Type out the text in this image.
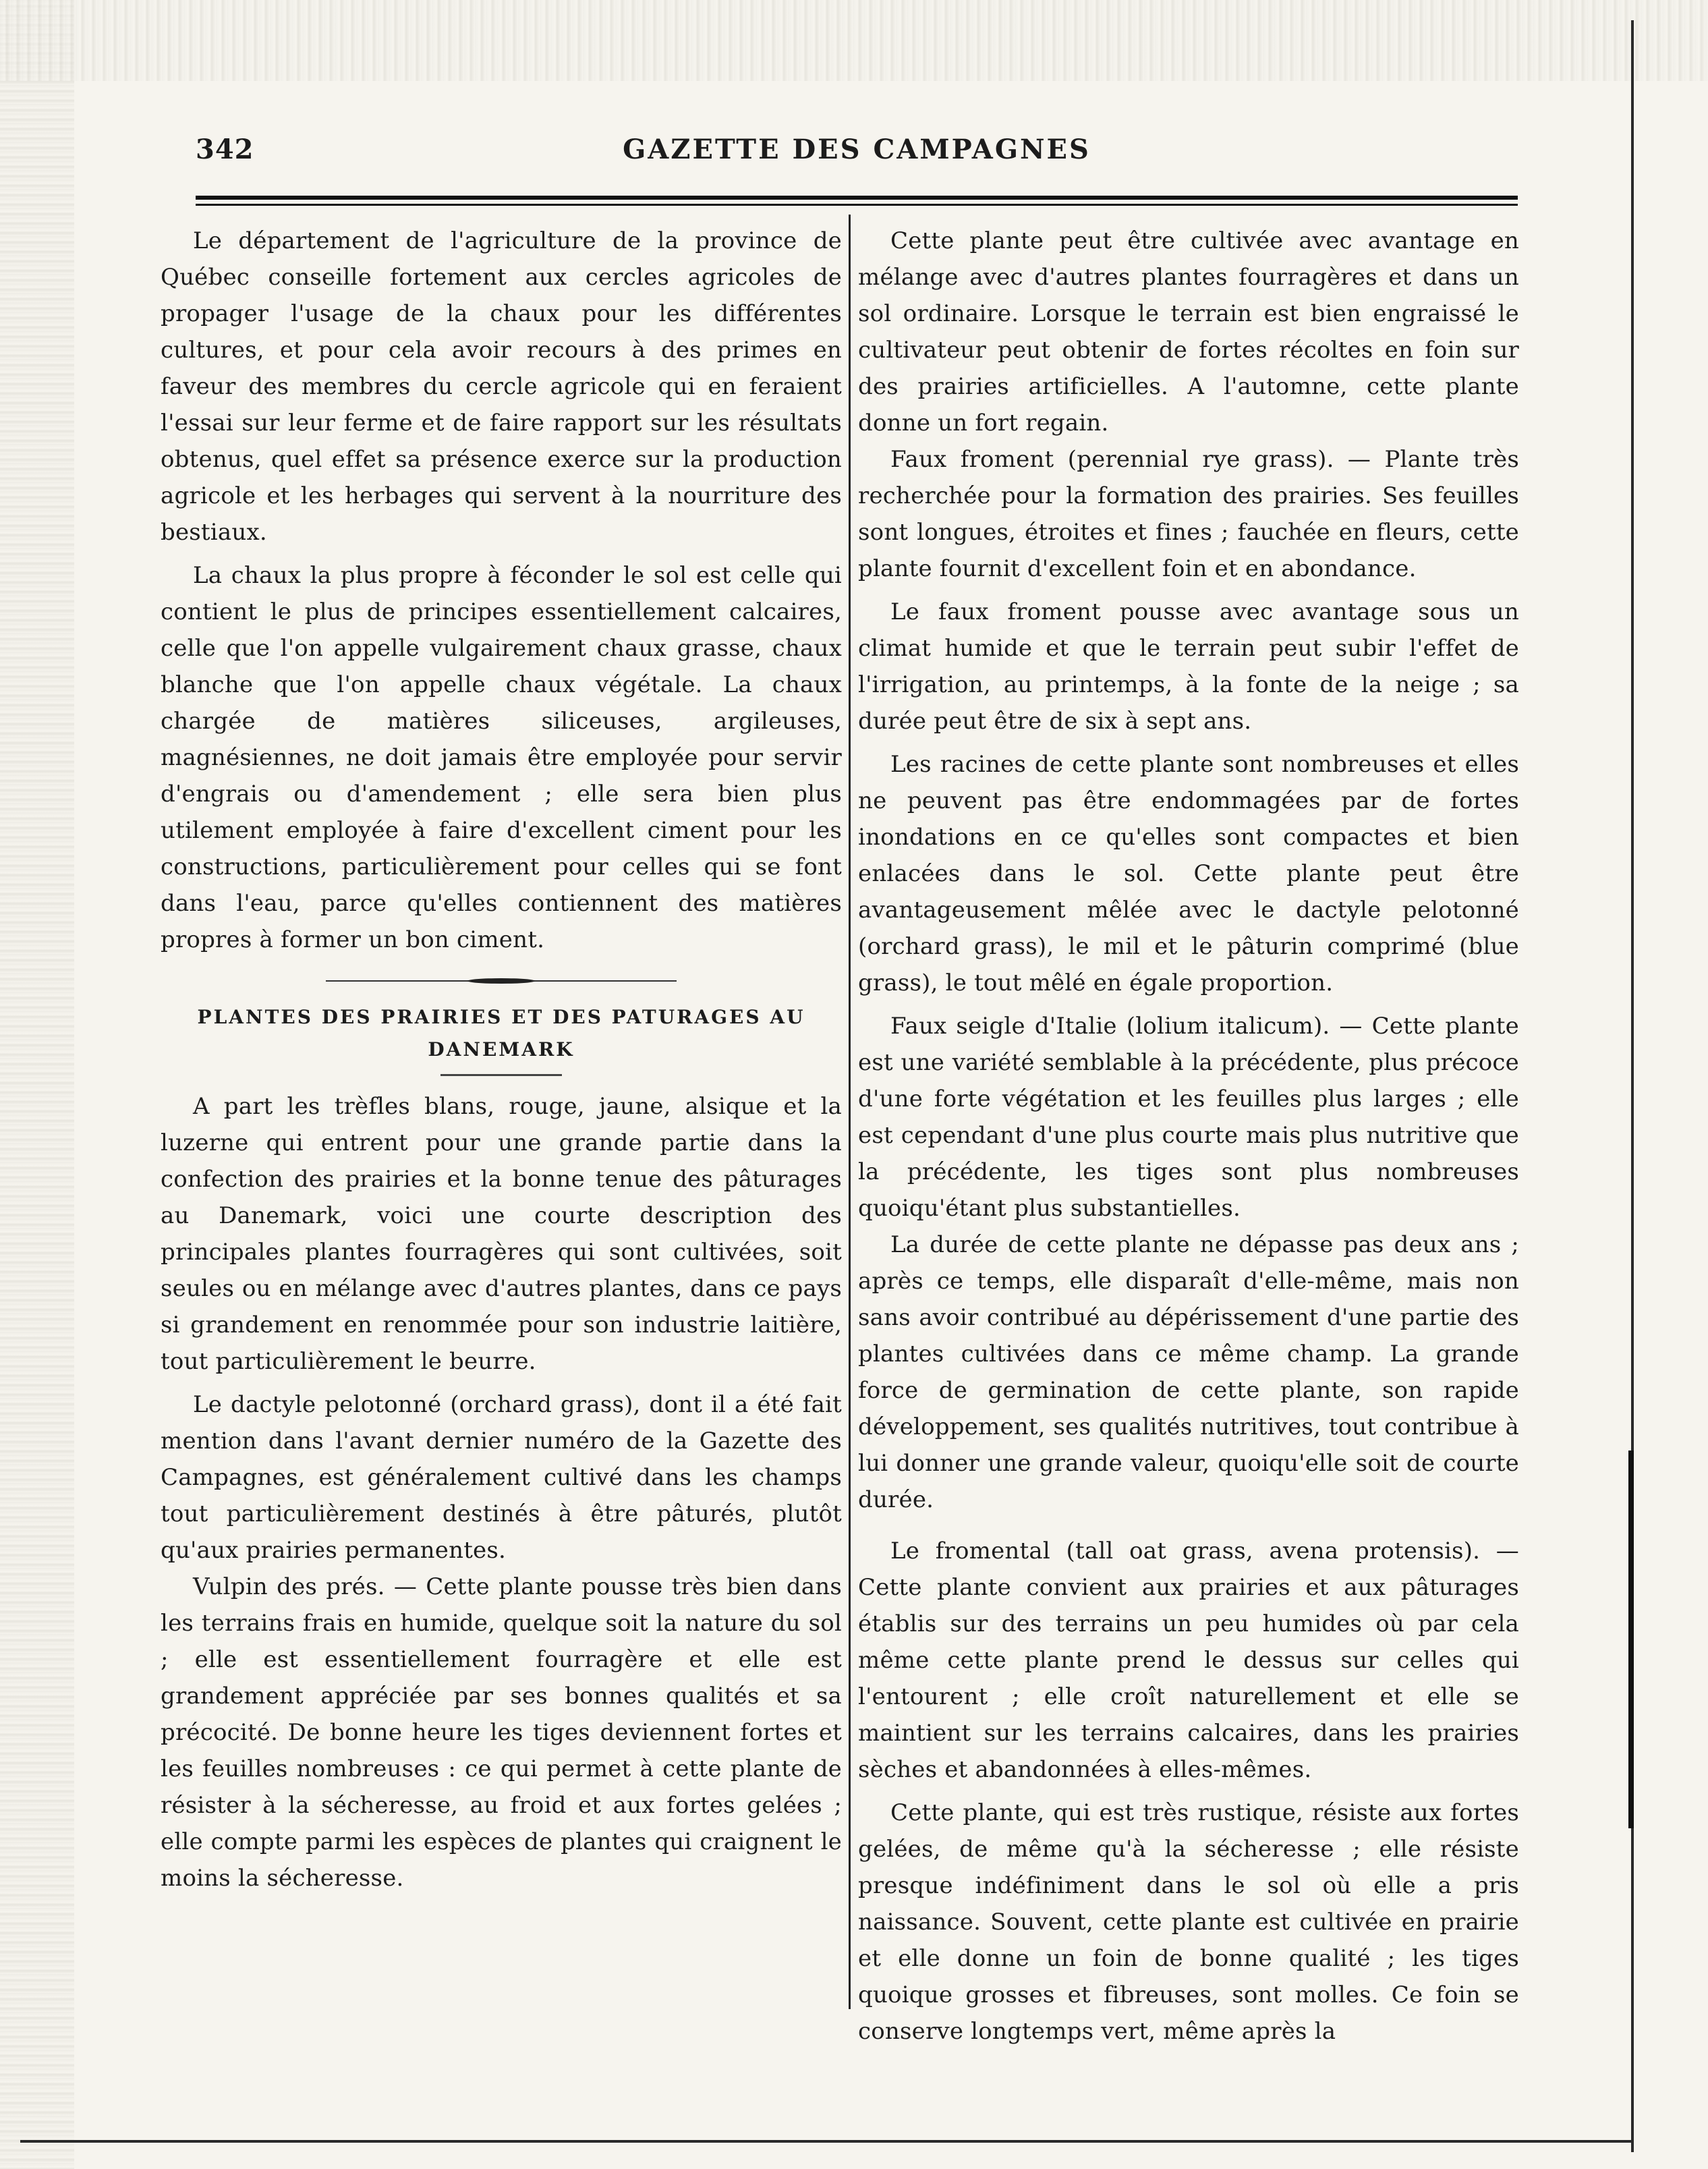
342	GAZETTE DES CAMPAGNES

Le département de l'agriculture de la province de Québec conseille fortement aux cercles agricoles de propager l'usage de la chaux pour les différentes cultures, et pour cela avoir recours à des primes en faveur des membres du cercle agricole qui en feraient l'essai sur leur ferme et de faire rapport sur les résultats obtenus, quel effet sa présence exerce sur la production agricole et les herbages qui servent à la nourriture des bestiaux.

La chaux la plus propre à féconder le sol est celle qui contient le plus de principes essentiellement calcaires, celle que l'on appelle vulgairement chaux grasse, chaux blanche que l'on appelle chaux végétale. La chaux chargée de matières siliceuses, argileuses, magnésiennes, ne doit jamais être employée pour servir d'engrais ou d'amendement ; elle sera bien plus utilement employée à faire d'excellent ciment pour les constructions, particulièrement pour celles qui se font dans l'eau, parce qu'elles contiennent des matières propres à former un bon ciment.

PLANTES DES PRAIRIES ET DES PATURAGES AU
DANEMARK

A part les trèfles blans, rouge, jaune, alsique et la luzerne qui entrent pour une grande partie dans la confection des prairies et la bonne tenue des pâturages au Danemark, voici une courte description des principales plantes fourragères qui sont cultivées, soit seules ou en mélange avec d'autres plantes, dans ce pays si grandement en renommée pour son industrie laitière, tout particulièrement le beurre.

Le dactyle pelotonné (orchard grass), dont il a été fait mention dans l'avant dernier numéro de la Gazette des Campagnes, est généralement cultivé dans les champs tout particulièrement destinés à être pâturés, plutôt qu'aux prairies permanentes.

Vulpin des prés. — Cette plante pousse très bien dans les terrains frais en humide, quelque soit la nature du sol ; elle est essentiellement fourragère et elle est grandement appréciée par ses bonnes qualités et sa précocité. De bonne heure les tiges deviennent fortes et les feuilles nombreuses : ce qui permet à cette plante de résister à la sécheresse, au froid et aux fortes gelées ; elle compte parmi les espèces de plantes qui craignent le moins la sécheresse.

Cette plante peut être cultivée avec avantage en mélange avec d'autres plantes fourragères et dans un sol ordinaire. Lorsque le terrain est bien engraissé le cultivateur peut obtenir de fortes récoltes en foin sur des prairies artificielles. A l'automne, cette plante donne un fort regain.

Faux froment (perennial rye grass). — Plante très recherchée pour la formation des prairies. Ses feuilles sont longues, étroites et fines ; fauchée en fleurs, cette plante fournit d'excellent foin et en abondance.

Le faux froment pousse avec avantage sous un climat humide et que le terrain peut subir l'effet de l'irrigation, au printemps, à la fonte de la neige ; sa durée peut être de six à sept ans.

Les racines de cette plante sont nombreuses et elles ne peuvent pas être endommagées par de fortes inondations en ce qu'elles sont compactes et bien enlacées dans le sol. Cette plante peut être avantageusement mêlée avec le dactyle pelotonné (orchard grass), le mil et le pâturin comprimé (blue grass), le tout mêlé en égale proportion.

Faux seigle d'Italie (lolium italicum). — Cette plante est une variété semblable à la précédente, plus précoce d'une forte végétation et les feuilles plus larges ; elle est cependant d'une plus courte mais plus nutritive que la précédente, les tiges sont plus nombreuses quoiqu'étant plus substantielles.

La durée de cette plante ne dépasse pas deux ans ; après ce temps, elle disparaît d'elle-même, mais non sans avoir contribué au dépérissement d'une partie des plantes cultivées dans ce même champ. La grande force de germination de cette plante, son rapide développement, ses qualités nutritives, tout contribue à lui donner une grande valeur, quoiqu'elle soit de courte durée.

Le fromental (tall oat grass, avena protensis). — Cette plante convient aux prairies et aux pâturages établis sur des terrains un peu humides où par cela même cette plante prend le dessus sur celles qui l'entourent ; elle croît naturellement et elle se maintient sur les terrains calcaires, dans les prairies sèches et abandonnées à elles-mêmes.

Cette plante, qui est très rustique, résiste aux fortes gelées, de même qu'à la sécheresse ; elle résiste presque indéfiniment dans le sol où elle a pris naissance. Souvent, cette plante est cultivée en prairie et elle donne un foin de bonne qualité ; les tiges quoique grosses et fibreuses, sont molles. Ce foin se conserve longtemps vert, même après la
